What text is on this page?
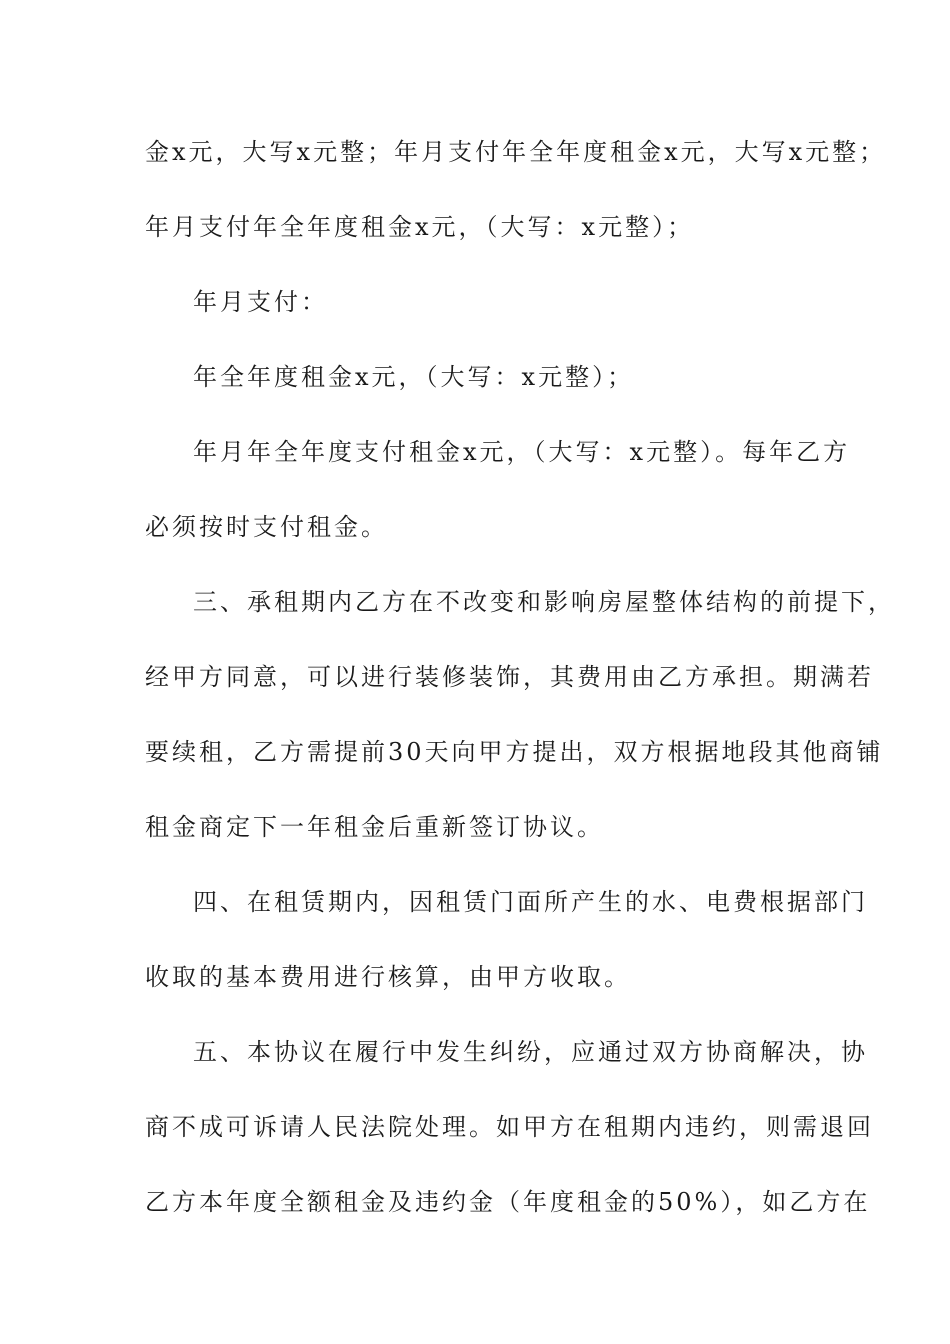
金x元，大写x元整；年月支付年全年度租金x元，大写x元整；
年月支付年全年度租金x元，（大写：x元整）；
年月支付：
年全年度租金x元，（大写：x元整）；
年月年全年度支付租金x元，（大写：x元整）。每年乙方
必须按时支付租金。
三、承租期内乙方在不改变和影响房屋整体结构的前提下，
经甲方同意，可以进行装修装饰，其费用由乙方承担。期满若
要续租，乙方需提前30天向甲方提出，双方根据地段其他商铺
租金商定下一年租金后重新签订协议。
四、在租赁期内，因租赁门面所产生的水、电费根据部门
收取的基本费用进行核算，由甲方收取。
五、本协议在履行中发生纠纷，应通过双方协商解决，协
商不成可诉请人民法院处理。如甲方在租期内违约，则需退回
乙方本年度全额租金及违约金（年度租金的50%），如乙方在
